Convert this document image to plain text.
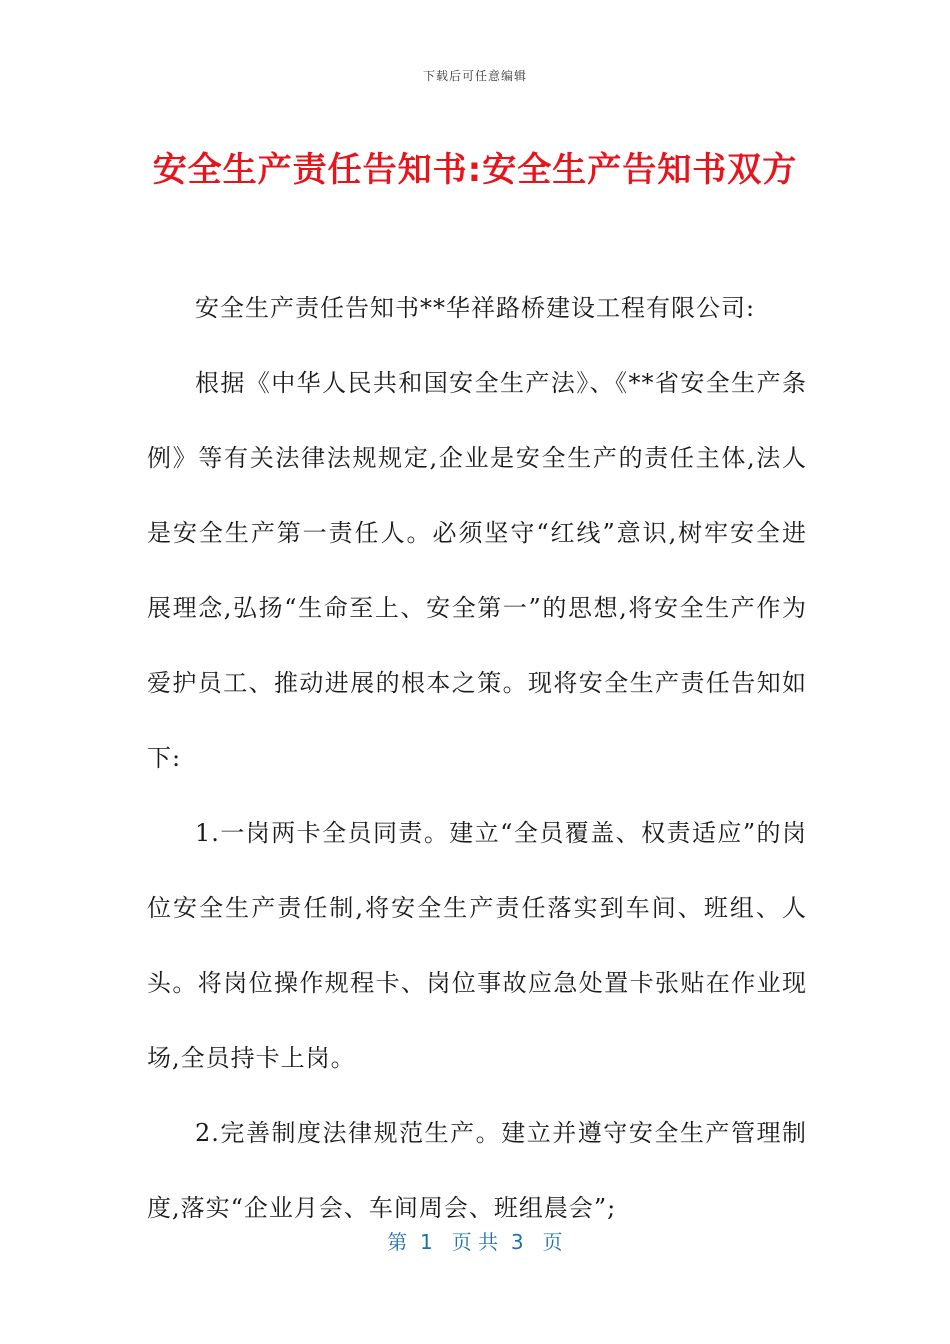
下载后可任意编辑
安全生产责任告知书:安全生产告知书双方

安全生产责任告知书**华祥路桥建设工程有限公司:

根据《中华人民共和国安全生产法》、《**省安全生产条例》等有关法律法规规定,企业是安全生产的责任主体,法人是安全生产第一责任人。必须坚守“红线”意识,树牢安全进展理念,弘扬“生命至上、安全第一”的思想,将安全生产作为爱护员工、推动进展的根本之策。现将安全生产责任告知如下:

1.一岗两卡全员同责。建立“全员覆盖、权责适应”的岗位安全生产责任制,将安全生产责任落实到车间、班组、人头。将岗位操作规程卡、岗位事故应急处置卡张贴在作业现场,全员持卡上岗。

2.完善制度法律规范生产。建立并遵守安全生产管理制度,落实“企业月会、车间周会、班组晨会”;

第  1   页 共  3   页
